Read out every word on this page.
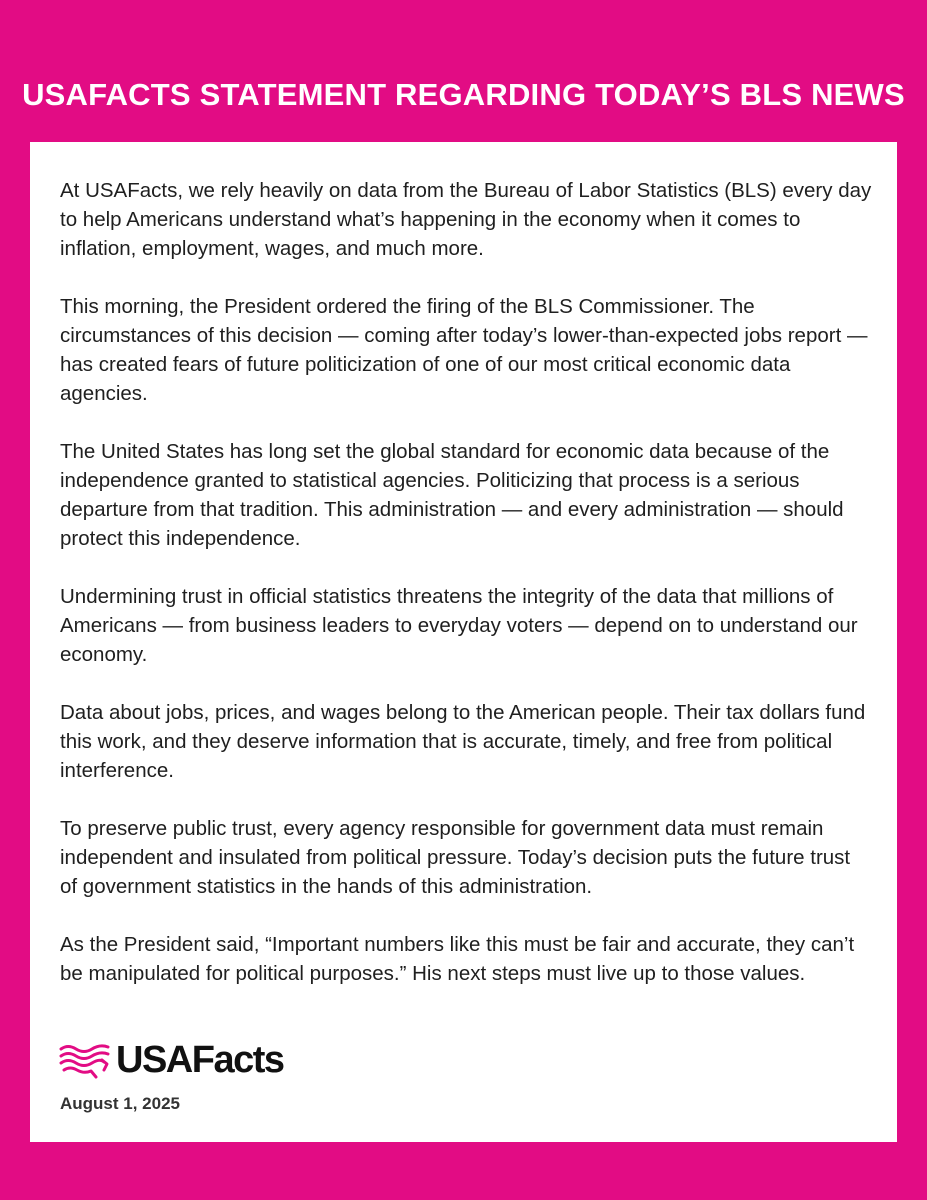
USAFACTS STATEMENT REGARDING TODAY’S BLS NEWS

At USAFacts, we rely heavily on data from the Bureau of Labor Statistics (BLS) every day to help Americans understand what’s happening in the economy when it comes to inflation, employment, wages, and much more.

This morning, the President ordered the firing of the BLS Commissioner. The circumstances of this decision — coming after today’s lower-than-expected jobs report — has created fears of future politicization of one of our most critical economic data agencies.

The United States has long set the global standard for economic data because of the independence granted to statistical agencies. Politicizing that process is a serious departure from that tradition. This administration — and every administration — should protect this independence.

Undermining trust in official statistics threatens the integrity of the data that millions of Americans — from business leaders to everyday voters — depend on to understand our economy.

Data about jobs, prices, and wages belong to the American people. Their tax dollars fund this work, and they deserve information that is accurate, timely, and free from political interference.

To preserve public trust, every agency responsible for government data must remain independent and insulated from political pressure. Today’s decision puts the future trust of government statistics in the hands of this administration.

As the President said, “Important numbers like this must be fair and accurate, they can’t be manipulated for political purposes.” His next steps must live up to those values.

USAFacts
August 1, 2025
